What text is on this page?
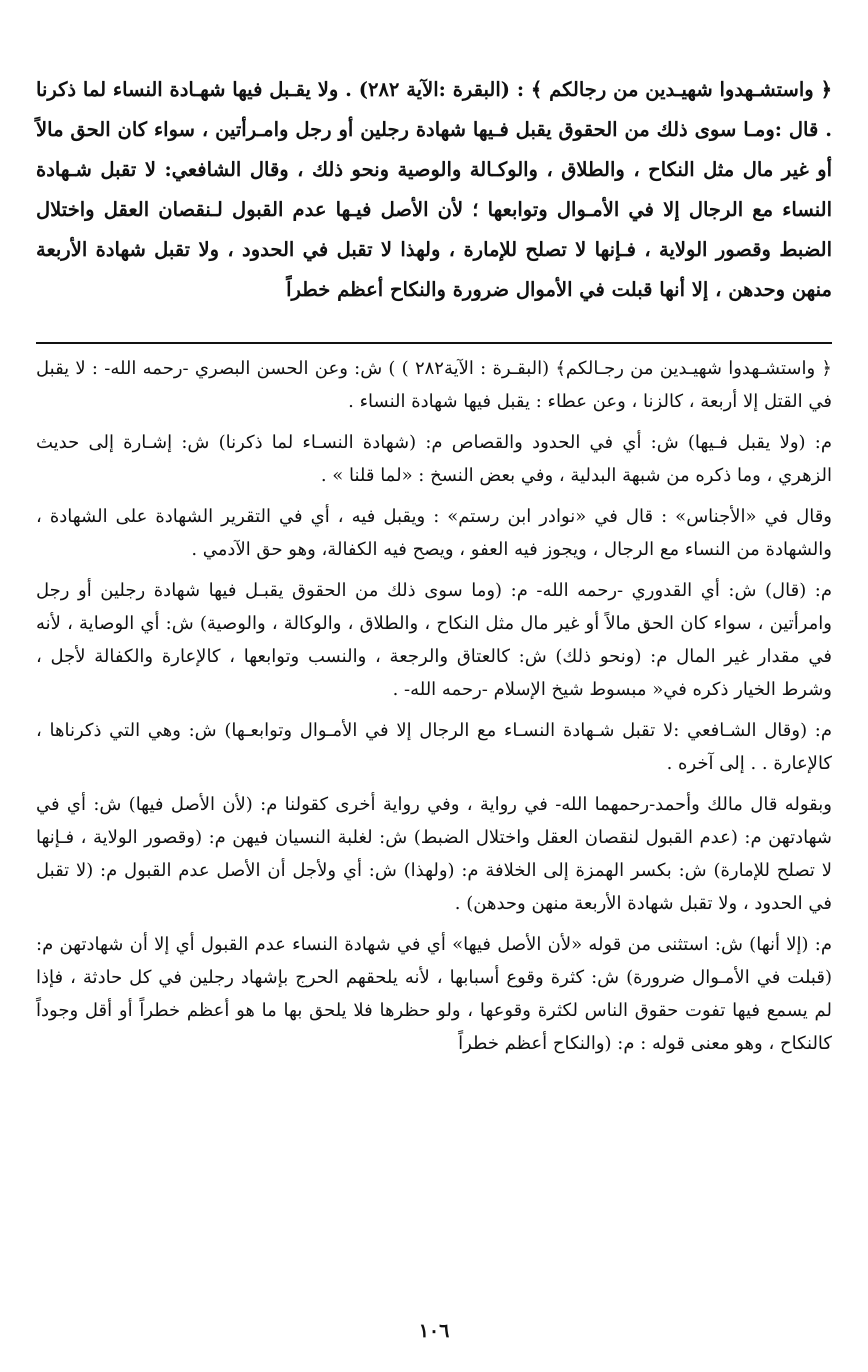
﴿ واستشـهدوا شهيـدين من رجالكم ﴾ : (البقرة :الآية ٢٨٢) . ولا يقـبل فيها شهـادة النساء لما ذكرنا . قال :ومـا سوى ذلك من الحقوق يقبل فـيها شهادة رجلين أو رجل وامـرأتين ، سواء كان الحق مالاً أو غير مال مثل النكاح ، والطلاق ، والوكـالة والوصية ونحو ذلك ، وقال الشافعي: لا تقبل شـهادة النساء مع الرجال إلا في الأمـوال وتوابعها ؛ لأن الأصل فيـها عدم القبول لـنقصان العقل واختلال الضبط وقصور الولاية ، فـإنها لا تصلح للإمارة ، ولهذا لا تقبل في الحدود ، ولا تقبل شهادة الأربعة منهن وحدهن ، إلا أنها قبلت في الأموال ضرورة والنكاح أعظم خطراً

﴿ واستشـهدوا شهيـدين من رجـالكم﴾ (البقـرة : الآية٢٨٢ ) ) ش: وعن الحسن البصري -رحمه الله- : لا يقبل في القتل إلا أربعة ، كالزنا ، وعن عطاء : يقبل فيها شهادة النساء .

م: (ولا يقبل فـيها) ش: أي في الحدود والقصاص م: (شهادة النسـاء لما ذكرنا) ش: إشـارة إلى حديث الزهري ، وما ذكره من شبهة البدلية ، وفي بعض النسخ : «لما قلنا » .

وقال في «الأجناس» : قال في «نوادر ابن رستم» : ويقبل فيه ، أي في التقرير الشهادة على الشهادة ، والشهادة من النساء مع الرجال ، ويجوز فيه العفو ، ويصح فيه الكفالة، وهو حق الآدمي .

م: (قال) ش: أي القدوري -رحمه الله- م: (وما سوى ذلك من الحقوق يقبـل فيها شهادة رجلين أو رجل وامرأتين ، سواء كان الحق مالاً أو غير مال مثل النكاح ، والطلاق ، والوكالة ، والوصية) ش: أي الوصاية ، لأنه في مقدار غير المال م: (ونحو ذلك) ش: كالعتاق والرجعة ، والنسب وتوابعها ، كالإعارة والكفالة لأجل ، وشرط الخيار ذكره في« مبسوط شيخ الإسلام -رحمه الله- .

م: (وقال الشـافعي :لا تقبل شـهادة النسـاء مع الرجال إلا في الأمـوال وتوابعـها) ش: وهي التي ذكرناها ، كالإعارة . . إلى آخره .

وبقوله قال مالك وأحمد-رحمهما الله- في رواية ، وفي رواية أخرى كقولنا م: (لأن الأصل فيها) ش: أي في شهادتهن م: (عدم القبول لنقصان العقل واختلال الضبط) ش: لغلبة النسيان فيهن م: (وقصور الولاية ، فـإنها لا تصلح للإمارة) ش: بكسر الهمزة إلى الخلافة م: (ولهذا) ش: أي ولأجل أن الأصل عدم القبول م: (لا تقبل في الحدود ، ولا تقبل شهادة الأربعة منهن وحدهن) .

م: (إلا أنها) ش: استثنى من قوله «لأن الأصل فيها» أي في شهادة النساء عدم القبول أي إلا أن شهادتهن م: (قبلت في الأمـوال ضرورة) ش: كثرة وقوع أسبابها ، لأنه يلحقهم الحرج بإشهاد رجلين في كل حادثة ، فإذا لم يسمع فيها تفوت حقوق الناس لكثرة وقوعها ، ولو حظرها فلا يلحق بها ما هو أعظم خطراً أو أقل وجوداً كالنكاح ، وهو معنى قوله : م: (والنكاح أعظم خطراً

١٠٦
